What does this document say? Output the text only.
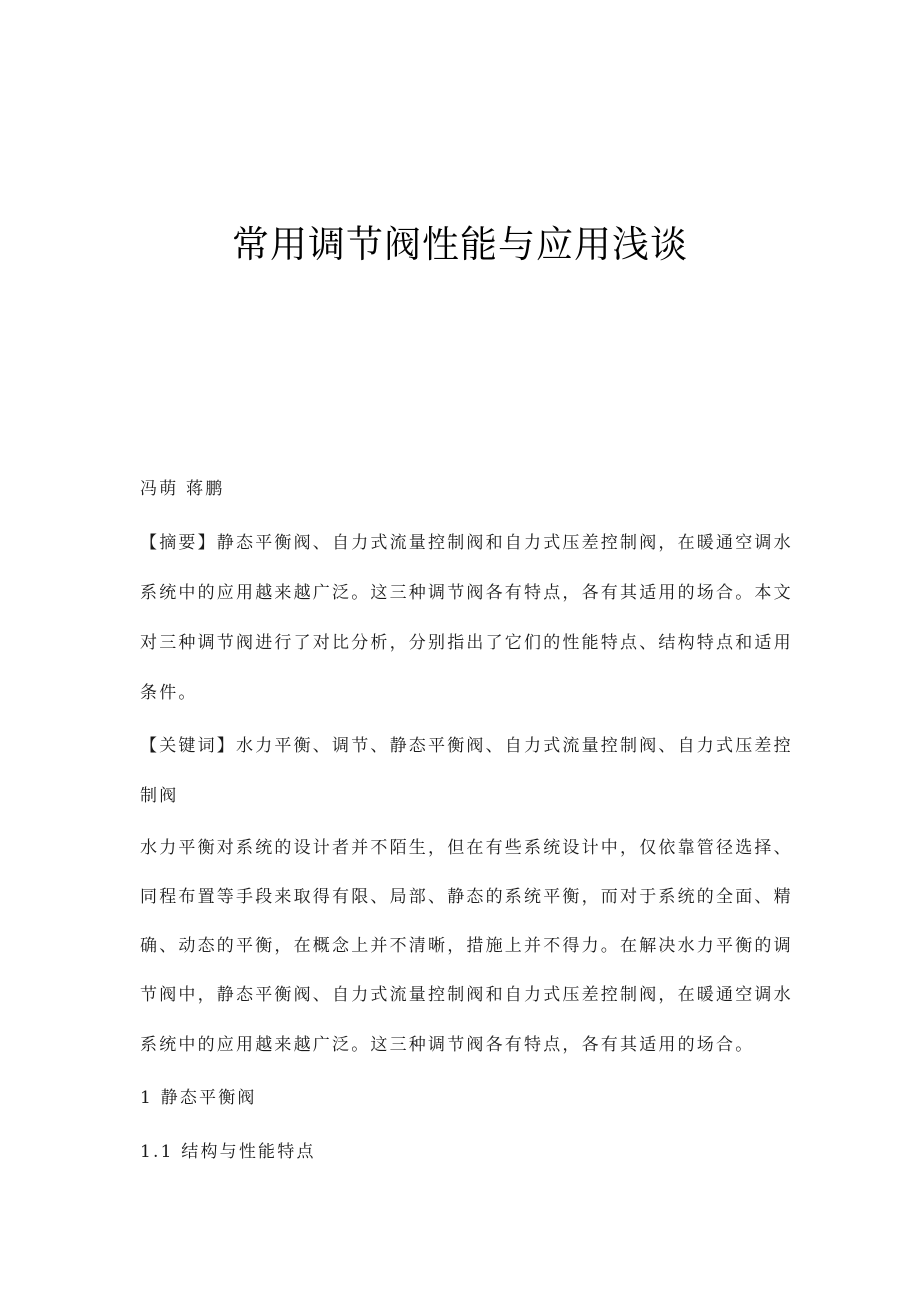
常用调节阀性能与应用浅谈
冯萌 蒋鹏
【摘要】静态平衡阀、自力式流量控制阀和自力式压差控制阀，在暖通空调水
系统中的应用越来越广泛。这三种调节阀各有特点，各有其适用的场合。本文
对三种调节阀进行了对比分析，分别指出了它们的性能特点、结构特点和适用
条件。
【关键词】水力平衡、调节、静态平衡阀、自力式流量控制阀、自力式压差控
制阀
水力平衡对系统的设计者并不陌生，但在有些系统设计中，仅依靠管径选择、
同程布置等手段来取得有限、局部、静态的系统平衡，而对于系统的全面、精
确、动态的平衡，在概念上并不清晰，措施上并不得力。在解决水力平衡的调
节阀中，静态平衡阀、自力式流量控制阀和自力式压差控制阀，在暖通空调水
系统中的应用越来越广泛。这三种调节阀各有特点，各有其适用的场合。
1 静态平衡阀
1.1 结构与性能特点
